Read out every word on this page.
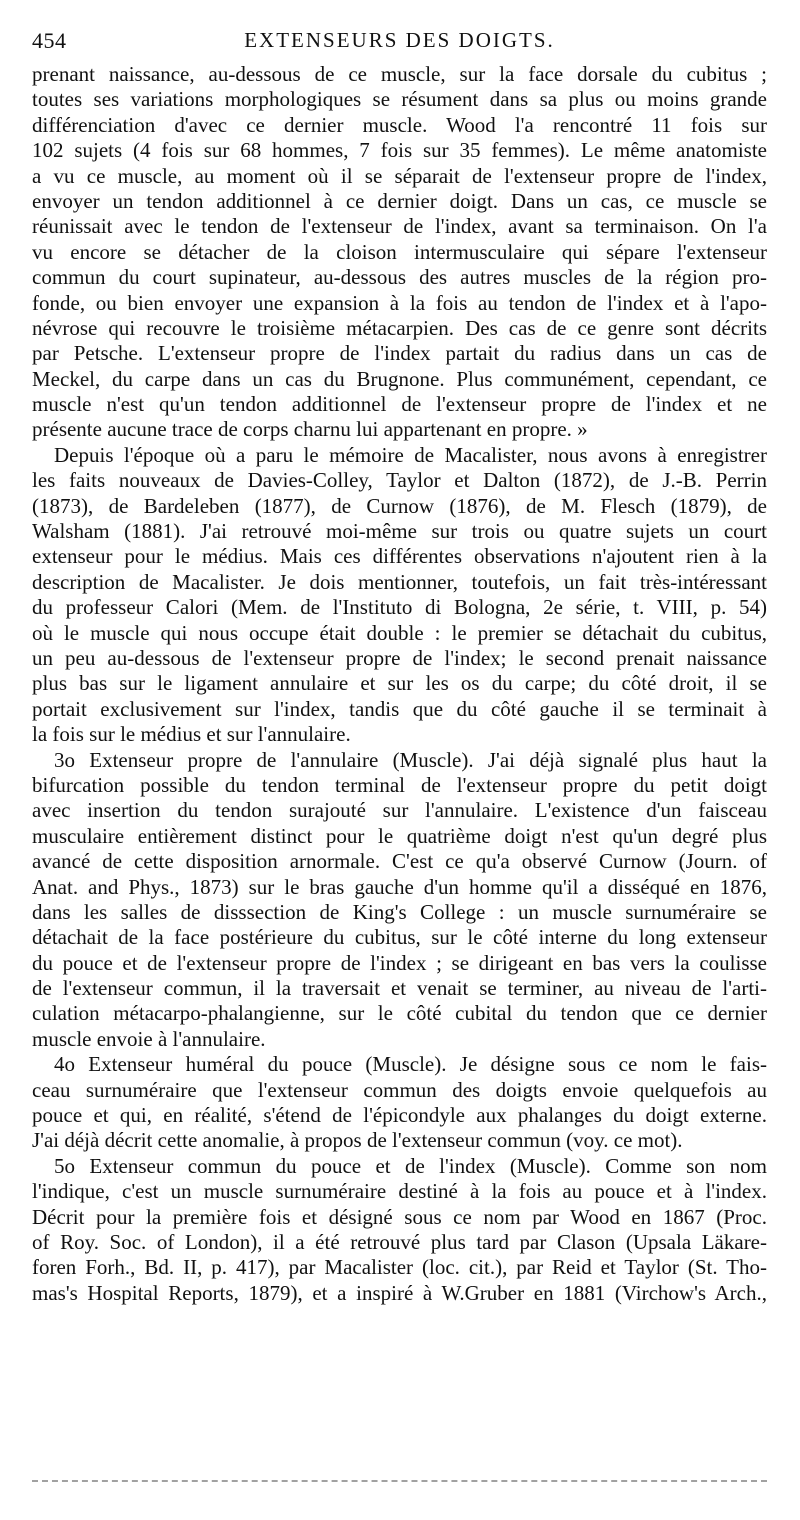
454	EXTENSEURS DES DOIGTS.
prenant naissance, au-dessous de ce muscle, sur la face dorsale du cubitus ;
toutes ses variations morphologiques se résument dans sa plus ou moins grande
différenciation d'avec ce dernier muscle. Wood l'a rencontré 11 fois sur
102 sujets (4 fois sur 68 hommes, 7 fois sur 35 femmes). Le même anatomiste
a vu ce muscle, au moment où il se séparait de l'extenseur propre de l'index,
envoyer un tendon additionnel à ce dernier doigt. Dans un cas, ce muscle se
réunissait avec le tendon de l'extenseur de l'index, avant sa terminaison. On l'a
vu encore se détacher de la cloison intermusculaire qui sépare l'extenseur
commun du court supinateur, au-dessous des autres muscles de la région pro-
fonde, ou bien envoyer une expansion à la fois au tendon de l'index et à l'apo-
névrose qui recouvre le troisième métacarpien. Des cas de ce genre sont décrits
par Petsche. L'extenseur propre de l'index partait du radius dans un cas de
Meckel, du carpe dans un cas du Brugnone. Plus communément, cependant, ce
muscle n'est qu'un tendon additionnel de l'extenseur propre de l'index et ne
présente aucune trace de corps charnu lui appartenant en propre. »
Depuis l'époque où a paru le mémoire de Macalister, nous avons à enregistrer
les faits nouveaux de Davies-Colley, Taylor et Dalton (1872), de J.-B. Perrin
(1873), de Bardeleben (1877), de Curnow (1876), de M. Flesch (1879), de
Walsham (1881). J'ai retrouvé moi-même sur trois ou quatre sujets un court
extenseur pour le médius. Mais ces différentes observations n'ajoutent rien à la
description de Macalister. Je dois mentionner, toutefois, un fait très-intéressant
du professeur Calori (Mem. de l'Instituto di Bologna, 2e série, t. VIII, p. 54)
où le muscle qui nous occupe était double : le premier se détachait du cubitus,
un peu au-dessous de l'extenseur propre de l'index; le second prenait naissance
plus bas sur le ligament annulaire et sur les os du carpe; du côté droit, il se
portait exclusivement sur l'index, tandis que du côté gauche il se terminait à
la fois sur le médius et sur l'annulaire.
3o Extenseur propre de l'annulaire (Muscle). J'ai déjà signalé plus haut la
bifurcation possible du tendon terminal de l'extenseur propre du petit doigt
avec insertion du tendon surajouté sur l'annulaire. L'existence d'un faisceau
musculaire entièrement distinct pour le quatrième doigt n'est qu'un degré plus
avancé de cette disposition arnormale. C'est ce qu'a observé Curnow (Journ. of
Anat. and Phys., 1873) sur le bras gauche d'un homme qu'il a disséqué en 1876,
dans les salles de disssection de King's College : un muscle surnuméraire se
détachait de la face postérieure du cubitus, sur le côté interne du long extenseur
du pouce et de l'extenseur propre de l'index ; se dirigeant en bas vers la coulisse
de l'extenseur commun, il la traversait et venait se terminer, au niveau de l'arti-
culation métacarpo-phalangienne, sur le côté cubital du tendon que ce dernier
muscle envoie à l'annulaire.
4o Extenseur huméral du pouce (Muscle). Je désigne sous ce nom le fais-
ceau surnuméraire que l'extenseur commun des doigts envoie quelquefois au
pouce et qui, en réalité, s'étend de l'épicondyle aux phalanges du doigt externe.
J'ai déjà décrit cette anomalie, à propos de l'extenseur commun (voy. ce mot).
5o Extenseur commun du pouce et de l'index (Muscle). Comme son nom
l'indique, c'est un muscle surnuméraire destiné à la fois au pouce et à l'index.
Décrit pour la première fois et désigné sous ce nom par Wood en 1867 (Proc.
of Roy. Soc. of London), il a été retrouvé plus tard par Clason (Upsala Läkare-
foren Forh., Bd. II, p. 417), par Macalister (loc. cit.), par Reid et Taylor (St. Tho-
mas's Hospital Reports, 1879), et a inspiré à W.Gruber en 1881 (Virchow's Arch.,
